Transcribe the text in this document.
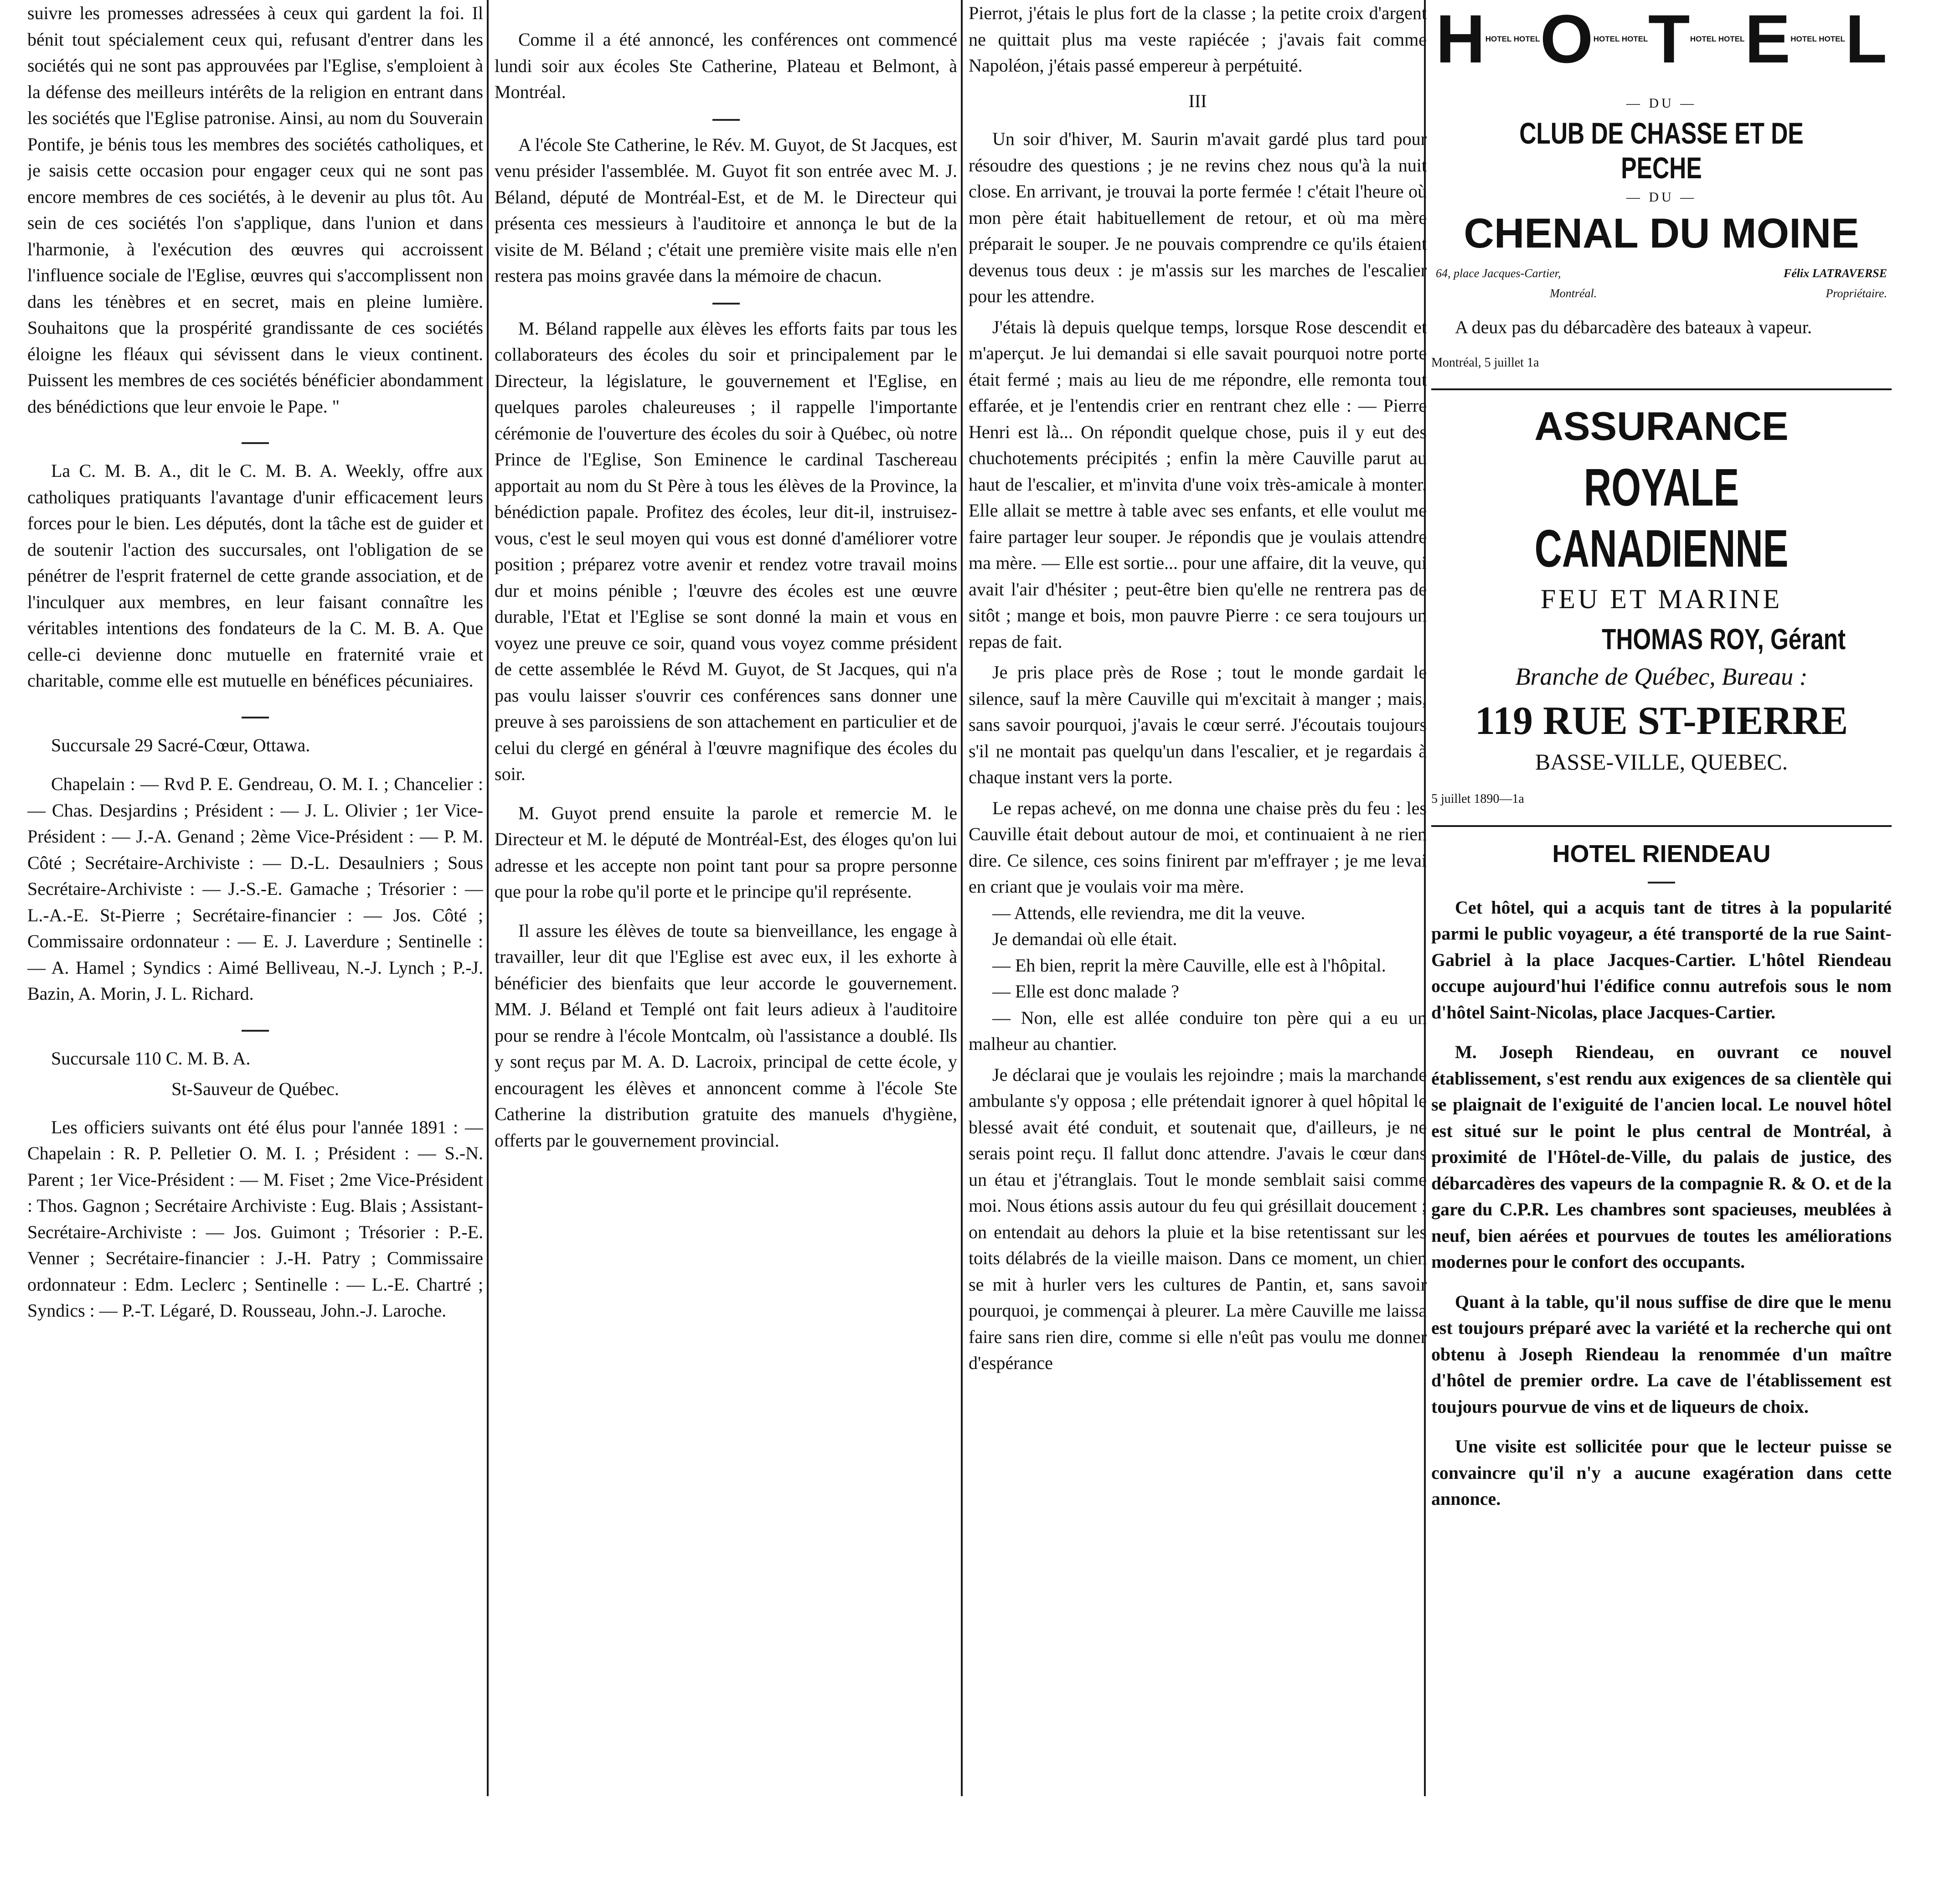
suivre les promesses adressées à ceux qui gardent la foi. Il bénit tout spécialement ceux qui, refusant d'entrer dans les sociétés qui ne sont pas approuvées par l'Eglise, s'emploient à la défense des meilleurs intérêts de la religion en entrant dans les sociétés que l'Eglise patronise. Ainsi, au nom du Souverain Pontife, je bénis tous les membres des sociétés catholiques, et je saisis cette occasion pour engager ceux qui ne sont pas encore membres de ces sociétés, à le devenir au plus tôt. Au sein de ces sociétés l'on s'applique, dans l'union et dans l'harmonie, à l'exécution des œuvres qui accroissent l'influence sociale de l'Eglise, œuvres qui s'accomplissent non dans les ténèbres et en secret, mais en pleine lumière. Souhaitons que la prospérité grandissante de ces sociétés éloigne les fléaux qui sévissent dans le vieux continent. Puissent les membres de ces sociétés bénéficier abondamment des bénédictions que leur envoie le Pape. "

La C. M. B. A., dit le C. M. B. A. Weekly, offre aux catholiques pratiquants l'avantage d'unir efficacement leurs forces pour le bien. Les députés, dont la tâche est de guider et de soutenir l'action des succursales, ont l'obligation de se pénétrer de l'esprit fraternel de cette grande association, et de l'inculquer aux membres, en leur faisant connaître les véritables intentions des fondateurs de la C. M. B. A. Que celle-ci devienne donc mutuelle en fraternité vraie et charitable, comme elle est mutuelle en bénéfices pécuniaires.

Succursale 29 Sacré-Cœur, Ottawa.

Chapelain : — Rvd P. E. Gendreau, O. M. I. ; Chancelier : — Chas. Desjardins ; Président : — J. L. Olivier ; 1er Vice-Président : — J.-A. Genand ; 2ème Vice-Président : — P. M. Côté ; Secrétaire-Archiviste : — D.-L. Desaulniers ; Sous Secrétaire-Archiviste : — J.-S.-E. Gamache ; Trésorier : — L.-A.-E. St-Pierre ; Secrétaire-financier : — Jos. Côté ; Commissaire ordonnateur : — E. J. Laverdure ; Sentinelle : — A. Hamel ; Syndics : Aimé Belliveau, N.-J. Lynch ; P.-J. Bazin, A. Morin, J. L. Richard.

Succursale 110 C. M. B. A.

St-Sauveur de Québec.

Les officiers suivants ont été élus pour l'année 1891 : — Chapelain : R. P. Pelletier O. M. I. ; Président : — S.-N. Parent ; 1er Vice-Président : — M. Fiset ; 2me Vice-Président : Thos. Gagnon ; Secrétaire Archiviste : Eug. Blais ; Assistant-Secrétaire-Archiviste : — Jos. Guimont ; Trésorier : P.-E. Venner ; Secrétaire-financier : J.-H. Patry ; Commissaire ordonnateur : Edm. Leclerc ; Sentinelle : — L.-E. Chartré ; Syndics : — P.-T. Légaré, D. Rousseau, John.-J. Laroche.

Comme il a été annoncé, les conférences ont commencé lundi soir aux écoles Ste Catherine, Plateau et Belmont, à Montréal.

A l'école Ste Catherine, le Rév. M. Guyot, de St Jacques, est venu présider l'assemblée. M. Guyot fit son entrée avec M. J. Béland, député de Montréal-Est, et de M. le Directeur qui présenta ces messieurs à l'auditoire et annonça le but de la visite de M. Béland ; c'était une première visite mais elle n'en restera pas moins gravée dans la mémoire de chacun.

M. Béland rappelle aux élèves les efforts faits par tous les collaborateurs des écoles du soir et principalement par le Directeur, la législature, le gouvernement et l'Eglise, en quelques paroles chaleureuses ; il rappelle l'importante cérémonie de l'ouverture des écoles du soir à Québec, où notre Prince de l'Eglise, Son Eminence le cardinal Taschereau apportait au nom du St Père à tous les élèves de la Province, la bénédiction papale. Profitez des écoles, leur dit-il, instruisez-vous, c'est le seul moyen qui vous est donné d'améliorer votre position ; préparez votre avenir et rendez votre travail moins dur et moins pénible ; l'œuvre des écoles est une œuvre durable, l'Etat et l'Eglise se sont donné la main et vous en voyez une preuve ce soir, quand vous voyez comme président de cette assemblée le Révd M. Guyot, de St Jacques, qui n'a pas voulu laisser s'ouvrir ces conférences sans donner une preuve à ses paroissiens de son attachement en particulier et de celui du clergé en général à l'œuvre magnifique des écoles du soir.

M. Guyot prend ensuite la parole et remercie M. le Directeur et M. le député de Montréal-Est, des éloges qu'on lui adresse et les accepte non point tant pour sa propre personne que pour la robe qu'il porte et le principe qu'il représente.

Il assure les élèves de toute sa bienveillance, les engage à travailler, leur dit que l'Eglise est avec eux, il les exhorte à bénéficier des bienfaits que leur accorde le gouvernement. MM. J. Béland et Templé ont fait leurs adieux à l'auditoire pour se rendre à l'école Montcalm, où l'assistance a doublé. Ils y sont reçus par M. A. D. Lacroix, principal de cette école, y encouragent les élèves et annoncent comme à l'école Ste Catherine la distribution gratuite des manuels d'hygiène, offerts par le gouvernement provincial.

Pierrot, j'étais le plus fort de la classe ; la petite croix d'argent ne quittait plus ma veste rapiécée ; j'avais fait comme Napoléon, j'étais passé empereur à perpétuité.

III

Un soir d'hiver, M. Saurin m'avait gardé plus tard pour résoudre des questions ; je ne revins chez nous qu'à la nuit close. En arrivant, je trouvai la porte fermée ! c'était l'heure où mon père était habituellement de retour, et où ma mère préparait le souper. Je ne pouvais comprendre ce qu'ils étaient devenus tous deux : je m'assis sur les marches de l'escalier pour les attendre.

J'étais là depuis quelque temps, lorsque Rose descendit et m'aperçut. Je lui demandai si elle savait pourquoi notre porte était fermé ; mais au lieu de me répondre, elle remonta tout effarée, et je l'entendis crier en rentrant chez elle : — Pierre Henri est là... On répondit quelque chose, puis il y eut des chuchotements précipités ; enfin la mère Cauville parut au haut de l'escalier, et m'invita d'une voix très-amicale à monter. Elle allait se mettre à table avec ses enfants, et elle voulut me faire partager leur souper. Je répondis que je voulais attendre ma mère. — Elle est sortie... pour une affaire, dit la veuve, qui avait l'air d'hésiter ; peut-être bien qu'elle ne rentrera pas de sitôt ; mange et bois, mon pauvre Pierre : ce sera toujours un repas de fait.

Je pris place près de Rose ; tout le monde gardait le silence, sauf la mère Cauville qui m'excitait à manger ; mais, sans savoir pourquoi, j'avais le cœur serré. J'écoutais toujours s'il ne montait pas quelqu'un dans l'escalier, et je regardais à chaque instant vers la porte.

Le repas achevé, on me donna une chaise près du feu : les Cauville était debout autour de moi, et continuaient à ne rien dire. Ce silence, ces soins finirent par m'effrayer ; je me levai en criant que je voulais voir ma mère.

— Attends, elle reviendra, me dit la veuve.

Je demandai où elle était.

— Eh bien, reprit la mère Cauville, elle est à l'hôpital.

— Elle est donc malade ?

— Non, elle est allée conduire ton père qui a eu un malheur au chantier.

Je déclarai que je voulais les rejoindre ; mais la marchande ambulante s'y opposa ; elle prétendait ignorer à quel hôpital le blessé avait été conduit, et soutenait que, d'ailleurs, je ne serais point reçu. Il fallut donc attendre. J'avais le cœur dans un étau et j'étranglais. Tout le monde semblait saisi comme moi. Nous étions assis autour du feu qui grésillait doucement ; on entendait au dehors la pluie et la bise retentissant sur les toits délabrés de la vieille maison. Dans ce moment, un chien se mit à hurler vers les cultures de Pantin, et, sans savoir pourquoi, je commençai à pleurer. La mère Cauville me laissa faire sans rien dire, comme si elle n'eût pas voulu me donner d'espérance

H HOTEL HOTEL O HOTEL HOTEL T HOTEL HOTEL E HOTEL HOTEL L
— DU —
CLUB DE CHASSE ET DE PECHE
— DU —
CHENAL DU MOINE
64, place Jacques-Cartier,	Félix LATRAVERSE
Montréal.	Propriétaire.

A deux pas du débarcadère des bateaux à vapeur.

Montréal, 5 juillet 1a

ASSURANCE
ROYALE CANADIENNE
FEU ET MARINE
THOMAS ROY, Gérant
Branche de Québec, Bureau :
119 RUE ST-PIERRE
BASSE-VILLE, QUEBEC.

5 juillet 1890—1a

HOTEL RIENDEAU

Cet hôtel, qui a acquis tant de titres à la popularité parmi le public voyageur, a été transporté de la rue Saint-Gabriel à la place Jacques-Cartier. L'hôtel Riendeau occupe aujourd'hui l'édifice connu autrefois sous le nom d'hôtel Saint-Nicolas, place Jacques-Cartier.

M. Joseph Riendeau, en ouvrant ce nouvel établissement, s'est rendu aux exigences de sa clientèle qui se plaignait de l'exiguité de l'ancien local. Le nouvel hôtel est situé sur le point le plus central de Montréal, à proximité de l'Hôtel-de-Ville, du palais de justice, des débarcadères des vapeurs de la compagnie R. & O. et de la gare du C.P.R. Les chambres sont spacieuses, meublées à neuf, bien aérées et pourvues de toutes les améliorations modernes pour le confort des occupants.

Quant à la table, qu'il nous suffise de dire que le menu est toujours préparé avec la variété et la recherche qui ont obtenu à Joseph Riendeau la renommée d'un maître d'hôtel de premier ordre. La cave de l'établissement est toujours pourvue de vins et de liqueurs de choix.

Une visite est sollicitée pour que le lecteur puisse se convaincre qu'il n'y a aucune exagération dans cette annonce.
